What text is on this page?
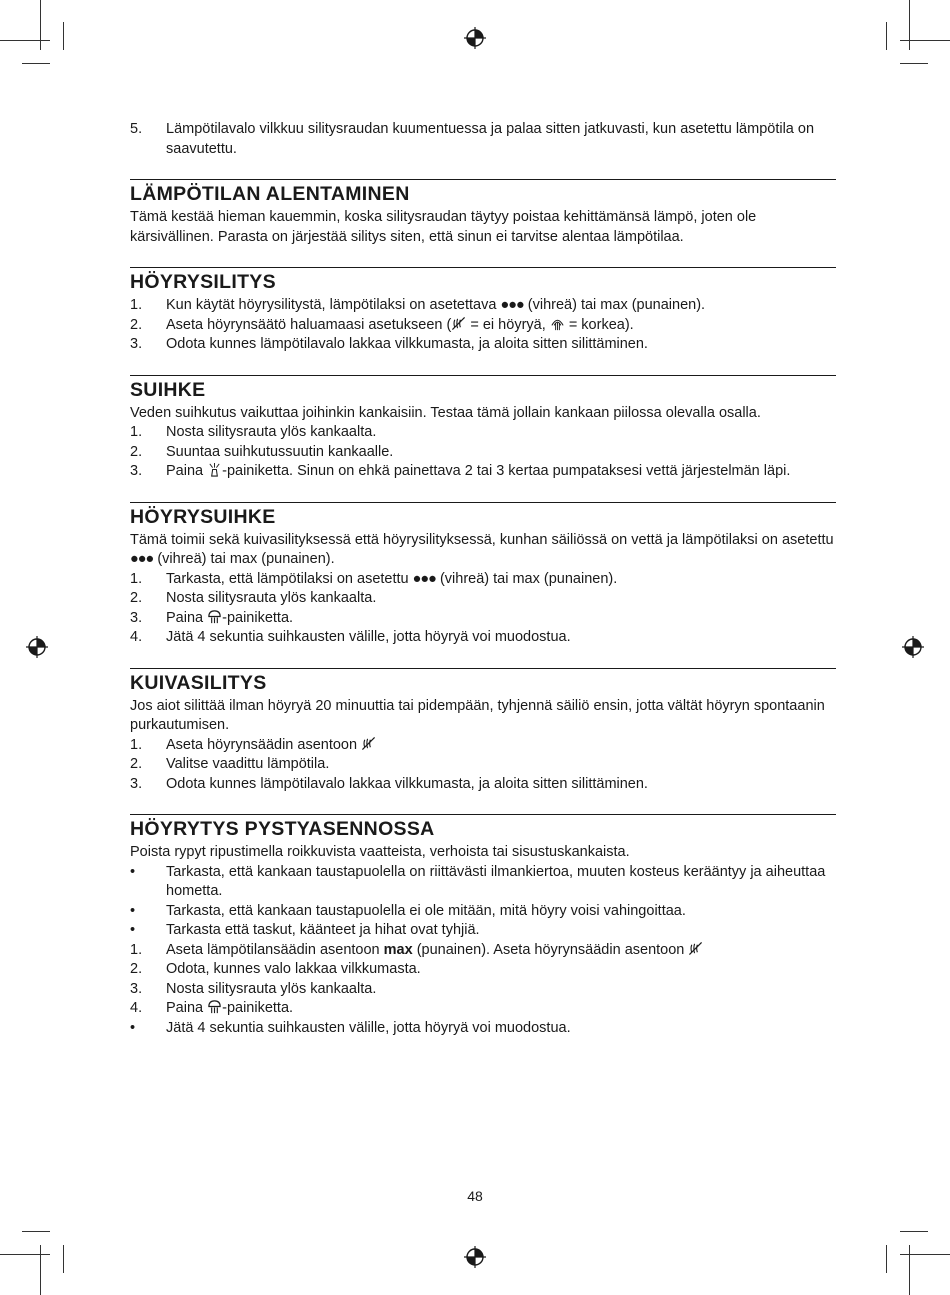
5.	Lämpötilavalo vilkkuu silitysraudan kuumentuessa ja palaa sitten jatkuvasti, kun asetettu lämpötila on saavutettu.
LÄMPÖTILAN ALENTAMINEN

Tämä kestää hieman kauemmin, koska silitysraudan täytyy poistaa kehittämänsä lämpö, joten ole kärsivällinen. Parasta on järjestää silitys siten, että sinun ei tarvitse alentaa lämpötilaa.

HÖYRYSILITYS
1.	Kun käytät höyrysilitystä, lämpötilaksi on asetettava ●●● (vihreä) tai max (punainen).
2.	Aseta höyrynsäätö haluamaasi asetukseen ( = ei höyryä, = korkea).
3.	Odota kunnes lämpötilavalo lakkaa vilkkumasta, ja aloita sitten silittäminen.
SUIHKE

Veden suihkutus vaikuttaa joihinkin kankaisiin. Testaa tämä jollain kankaan piilossa olevalla osalla.

1.	Nosta silitysrauta ylös kankaalta.
2.	Suuntaa suihkutussuutin kankaalle.
3.	Paina -painiketta. Sinun on ehkä painettava 2 tai 3 kertaa pumpataksesi vettä järjestelmän läpi.
HÖYRYSUIHKE

Tämä toimii sekä kuivasilityksessä että höyrysilityksessä, kunhan säiliössä on vettä ja lämpötilaksi on asetettu ●●● (vihreä) tai max (punainen).

1.	Tarkasta, että lämpötilaksi on asetettu ●●● (vihreä) tai max (punainen).
2.	Nosta silitysrauta ylös kankaalta.
3.	Paina -painiketta.
4.	Jätä 4 sekuntia suihkausten välille, jotta höyryä voi muodostua.
KUIVASILITYS

Jos aiot silittää ilman höyryä 20 minuuttia tai pidempään, tyhjennä säiliö ensin, jotta vältät höyryn spontaanin purkautumisen.

1.	Aseta höyrynsäädin asentoon
2.	Valitse vaadittu lämpötila.
3.	Odota kunnes lämpötilavalo lakkaa vilkkumasta, ja aloita sitten silittäminen.
HÖYRYTYS PYSTYASENNOSSA

Poista rypyt ripustimella roikkuvista vaatteista, verhoista tai sisustuskankaista.

•	Tarkasta, että kankaan taustapuolella on riittävästi ilmankiertoa, muuten kosteus kerääntyy ja aiheuttaa hometta.
•	Tarkasta, että kankaan taustapuolella ei ole mitään, mitä höyry voisi vahingoittaa.
•	Tarkasta että taskut, käänteet ja hihat ovat tyhjiä.
1.	Aseta lämpötilansäädin asentoon max (punainen). Aseta höyrynsäädin asentoon
2.	Odota, kunnes valo lakkaa vilkkumasta.
3.	Nosta silitysrauta ylös kankaalta.
4.	Paina -painiketta.
•	Jätä 4 sekuntia suihkausten välille, jotta höyryä voi muodostua.
48
